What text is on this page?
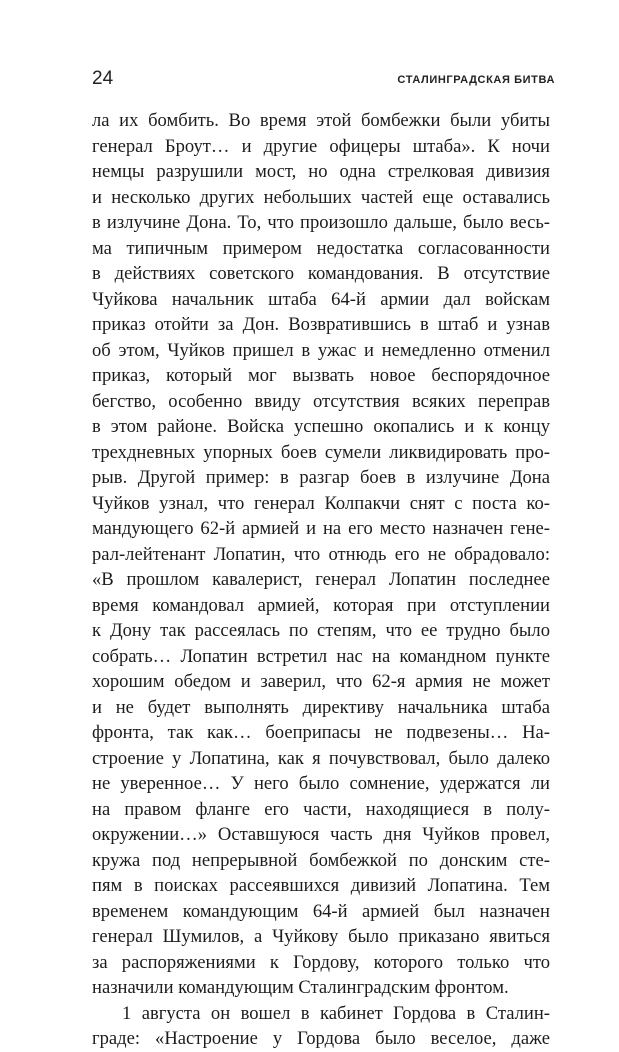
24	СТАЛИНГРАДСКАЯ БИТВА
ла их бомбить. Во время этой бомбежки были убиты
генерал Броут… и другие офицеры штаба». К ночи
немцы разрушили мост, но одна стрелковая дивизия
и несколько других небольших частей еще оставались
в излучине Дона. То, что произошло дальше, было весь-
ма типичным примером недостатка согласованности
в действиях советского командования. В отсутствие
Чуйкова начальник штаба 64-й армии дал войскам
приказ отойти за Дон. Возвратившись в штаб и узнав
об этом, Чуйков пришел в ужас и немедленно отменил
приказ, который мог вызвать новое беспорядочное
бегство, особенно ввиду отсутствия всяких переправ
в этом районе. Войска успешно окопались и к концу
трехдневных упорных боев сумели ликвидировать про-
рыв. Другой пример: в разгар боев в излучине Дона
Чуйков узнал, что генерал Колпакчи снят с поста ко-
мандующего 62-й армией и на его место назначен гене-
рал-лейтенант Лопатин, что отнюдь его не обрадовало:
«В прошлом кавалерист, генерал Лопатин последнее
время командовал армией, которая при отступлении
к Дону так рассеялась по степям, что ее трудно было
собрать… Лопатин встретил нас на командном пункте
хорошим обедом и заверил, что 62-я армия не может
и не будет выполнять директиву начальника штаба
фронта, так как… боеприпасы не подвезены… На-
строение у Лопатина, как я почувствовал, было далеко
не уверенное… У него было сомнение, удержатся ли
на правом фланге его части, находящиеся в полу-
окружении…» Оставшуюся часть дня Чуйков провел,
кружа под непрерывной бомбежкой по донским сте-
пям в поисках рассеявшихся дивизий Лопатина. Тем
временем командующим 64-й армией был назначен
генерал Шумилов, а Чуйкову было приказано явиться
за распоряжениями к Гордову, которого только что
назначили командующим Сталинградским фронтом.
1 августа он вошел в кабинет Гордова в Сталин-
граде: «Настроение у Гордова было веселое, даже
